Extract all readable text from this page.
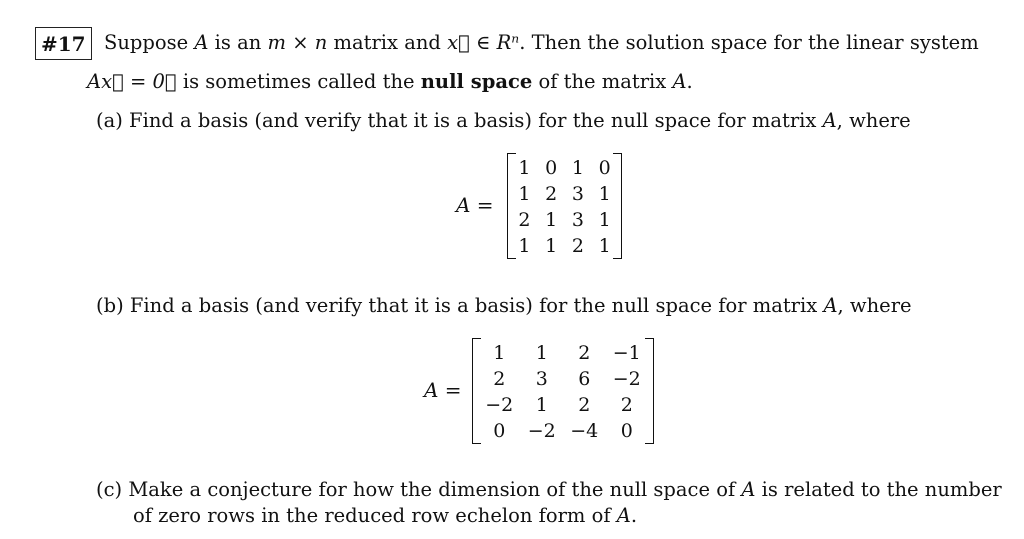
#17 Suppose A is an m × n matrix and x⃗ ∈ Rⁿ. Then the solution space for the linear system
Ax⃗ = 0⃗ is sometimes called the null space of the matrix A.
(a) Find a basis (and verify that it is a basis) for the null space for matrix A, where
A =
1 0 1 0
1 2 3 1
2 1 3 1
1 1 2 1
(b) Find a basis (and verify that it is a basis) for the null space for matrix A, where
A =
1	1	2	−1
2	3	6	−2
−2	1	2	2
0	−2 −4	0
(c) Make a conjecture for how the dimension of the null space of A is related to the number
of zero rows in the reduced row echelon form of A.
